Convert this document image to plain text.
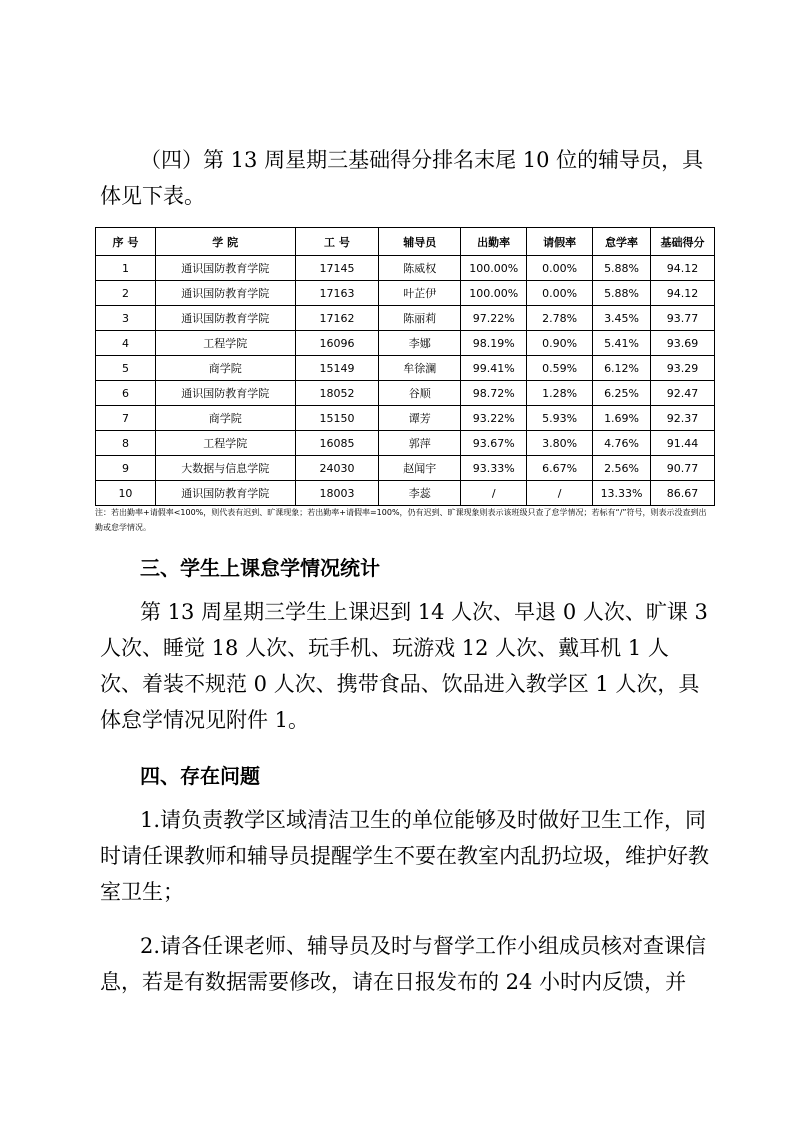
（四）第 13 周星期三基础得分排名末尾 10 位的辅导员，具体见下表。

序 号	学 院	工 号	辅导员	出勤率	请假率	怠学率	基础得分
1	通识国防教育学院	17145	陈威权	100.00%	0.00%	5.88%	94.12
2	通识国防教育学院	17163	叶芷伊	100.00%	0.00%	5.88%	94.12
3	通识国防教育学院	17162	陈丽莉	97.22%	2.78%	3.45%	93.77
4	工程学院	16096	李娜	98.19%	0.90%	5.41%	93.69
5	商学院	15149	牟徐澜	99.41%	0.59%	6.12%	93.29
6	通识国防教育学院	18052	谷顺	98.72%	1.28%	6.25%	92.47
7	商学院	15150	谭芳	93.22%	5.93%	1.69%	92.37
8	工程学院	16085	郭萍	93.67%	3.80%	4.76%	91.44
9	大数据与信息学院	24030	赵闻宇	93.33%	6.67%	2.56%	90.77
10	通识国防教育学院	18003	李蕊	/	/	13.33%	86.67

注：若出勤率+请假率<100%，则代表有迟到、旷课现象；若出勤率+请假率=100%，仍有迟到、旷课现象则表示该班级只查了怠学情况；若标有“/”符号，则表示没查到出勤或怠学情况。

三、学生上课怠学情况统计

第 13 周星期三学生上课迟到 14 人次、早退 0 人次、旷课 3 人次、睡觉 18 人次、玩手机、玩游戏 12 人次、戴耳机 1 人次、着装不规范 0 人次、携带食品、饮品进入教学区 1 人次，具体怠学情况见附件 1。

四、存在问题

1.请负责教学区域清洁卫生的单位能够及时做好卫生工作，同时请任课教师和辅导员提醒学生不要在教室内乱扔垃圾，维护好教室卫生；

2.请各任课老师、辅导员及时与督学工作小组成员核对查课信息，若是有数据需要修改，请在日报发布的 24 小时内反馈，并
